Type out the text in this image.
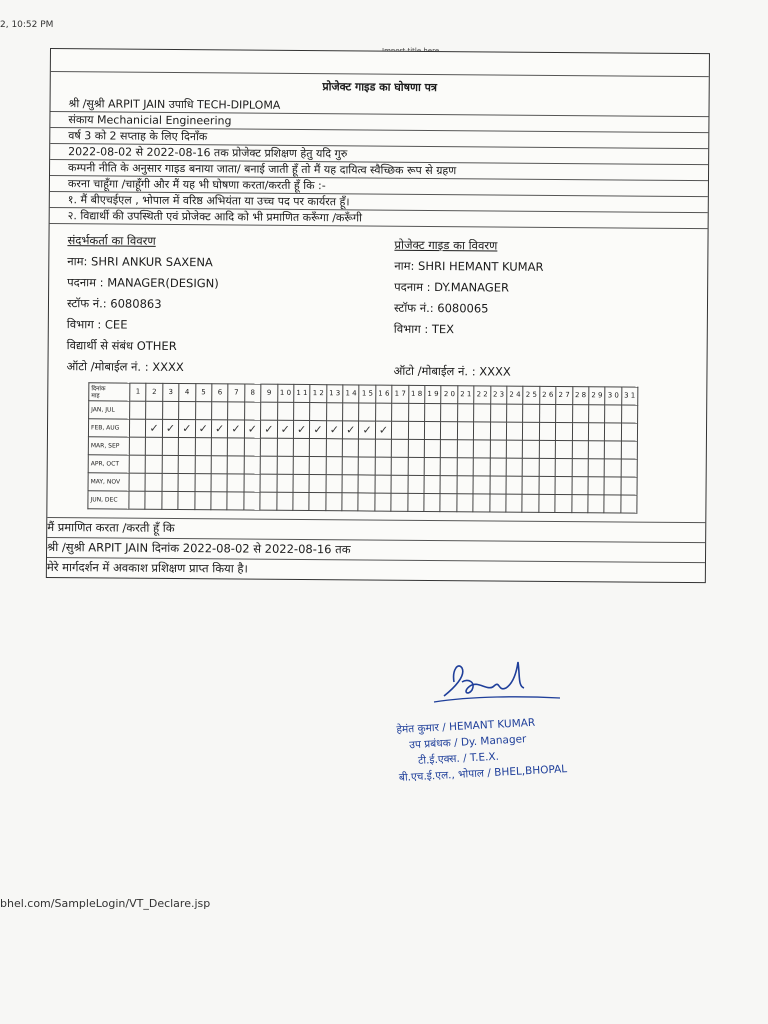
2, 10:52 PM
प्रोजेक्ट गाइड का घोषणा पत्र
श्री /सुश्री ARPIT JAIN उपाधि TECH-DIPLOMA
संकाय Mechanicial Engineering
वर्ष 3 को 2 सप्ताह के लिए दिनाँक
2022-08-02 से 2022-08-16 तक प्रोजेक्ट प्रशिक्षण हेतु यदि गुरु
कम्पनी नीति के अनुसार गाइड बनाया जाता/ बनाई जाती हूँ तो मैं यह दायित्व स्वैच्छिक रूप से ग्रहण
करना चाहूँगा /चाहूँगी और मैं यह भी घोषणा करता/करती हूँ कि :-
१. मैं बीएचईएल , भोपाल में वरिष्ठ अभियंता या उच्च पद पर कार्यरत हूँ।
२. विद्यार्थी की उपस्थिती एवं प्रोजेक्ट आदि को भी प्रमाणित करूँगा /करूँगी
संदर्भकर्ता का विवरण
नाम: SHRI ANKUR SAXENA
पदनाम : MANAGER(DESIGN)
स्टॉफ नं.: 6080863
विभाग : CEE
विद्यार्थी से संबंध OTHER
ऑटो /मोबाईल नं. : XXXX
प्रोजेक्ट गाइड का विवरण
नाम: SHRI HEMANT KUMAR
पदनाम : DY.MANAGER
स्टॉफ नं.: 6080065
विभाग : TEX
ऑटो /मोबाईल नं. : XXXX
दिनांक
माह	1	2	3	4	5	6	7	8	9	1 0	1 1	1 2	1 3	1 4	1 5	1 6	1 7	1 8	1 9	2 0	2 1	2 2	2 3	2 4	2 5	2 6	2 7	2 8	2 9	3 0	3 1
JAN, JUL																															
FEB, AUG		✓	✓	✓	✓	✓	✓	✓	✓	✓	✓	✓	✓	✓	✓	✓															
MAR, SEP																															
APR, OCT																															
MAY, NOV																															
JUN, DEC																															
मैं प्रमाणित करता /करती हूँ कि
श्री /सुश्री ARPIT JAIN दिनांक 2022-08-02 से 2022-08-16 तक
मेरे मार्गदर्शन में अवकाश प्रशिक्षण प्राप्त किया है।
हेमंत कुमार / HEMANT KUMAR
उप प्रबंधक / Dy. Manager
टी.ई.एक्स. / T.E.X.
बी.एच.ई.एल., भोपाल / BHEL,BHOPAL
bhel.com/SampleLogin/VT_Declare.jsp
